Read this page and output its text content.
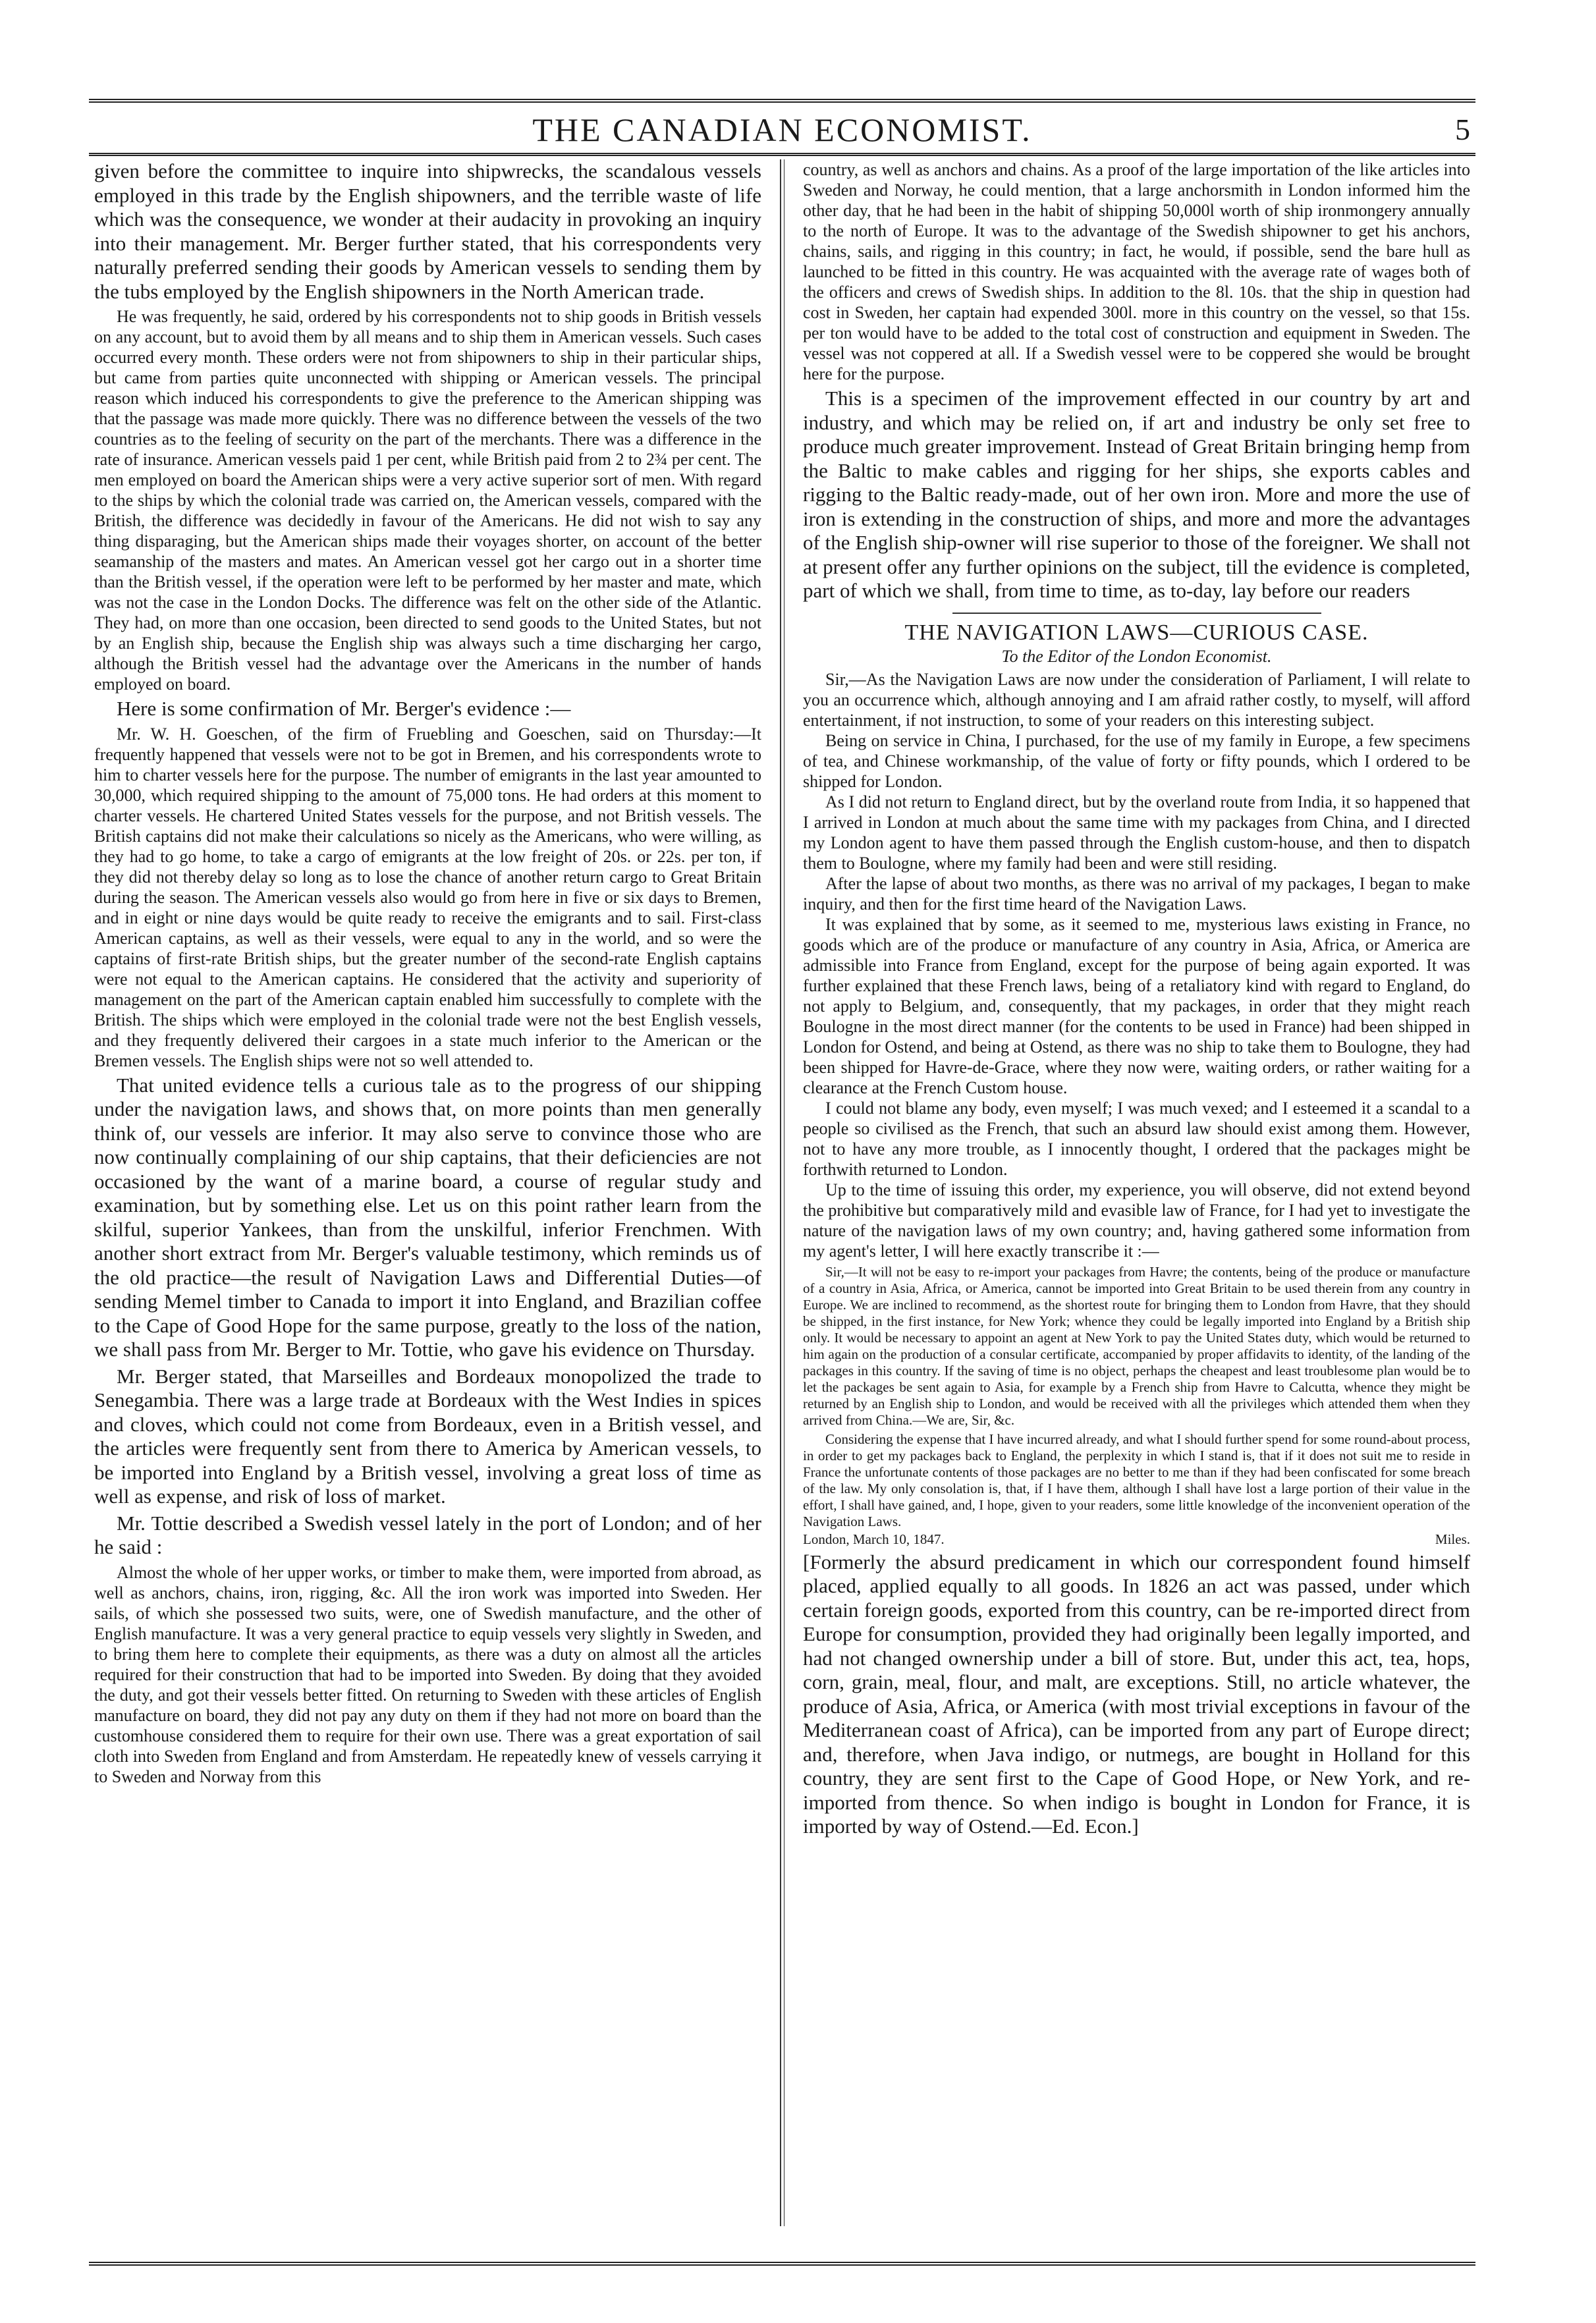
THE CANADIAN ECONOMIST.	5

given before the committee to inquire into shipwrecks, the scandalous vessels employed in this trade by the English shipowners, and the terrible waste of life which was the consequence, we wonder at their audacity in provoking an inquiry into their management. Mr. Berger further stated, that his correspondents very naturally preferred sending their goods by American vessels to sending them by the tubs employed by the English shipowners in the North American trade.

He was frequently, he said, ordered by his correspondents not to ship goods in British vessels on any account, but to avoid them by all means and to ship them in American vessels. Such cases occurred every month. These orders were not from shipowners to ship in their particular ships, but came from parties quite unconnected with shipping or American vessels. The principal reason which induced his correspondents to give the preference to the American shipping was that the passage was made more quickly. There was no difference between the vessels of the two countries as to the feeling of security on the part of the merchants. There was a difference in the rate of insurance. American vessels paid 1 per cent, while British paid from 2 to 2¾ per cent. The men employed on board the American ships were a very active superior sort of men. With regard to the ships by which the colonial trade was carried on, the American vessels, compared with the British, the difference was decidedly in favour of the Americans. He did not wish to say any thing disparaging, but the American ships made their voyages shorter, on account of the better seamanship of the masters and mates. An American vessel got her cargo out in a shorter time than the British vessel, if the operation were left to be performed by her master and mate, which was not the case in the London Docks. The difference was felt on the other side of the Atlantic. They had, on more than one occasion, been directed to send goods to the United States, but not by an English ship, because the English ship was always such a time discharging her cargo, although the British vessel had the advantage over the Americans in the number of hands employed on board.

Here is some confirmation of Mr. Berger's evidence :—

Mr. W. H. Goeschen, of the firm of Fruebling and Goeschen, said on Thursday:—It frequently happened that vessels were not to be got in Bremen, and his correspondents wrote to him to charter vessels here for the purpose. The number of emigrants in the last year amounted to 30,000, which required shipping to the amount of 75,000 tons. He had orders at this moment to charter vessels. He chartered United States vessels for the purpose, and not British vessels. The British captains did not make their calculations so nicely as the Americans, who were willing, as they had to go home, to take a cargo of emigrants at the low freight of 20s. or 22s. per ton, if they did not thereby delay so long as to lose the chance of another return cargo to Great Britain during the season. The American vessels also would go from here in five or six days to Bremen, and in eight or nine days would be quite ready to receive the emigrants and to sail. First-class American captains, as well as their vessels, were equal to any in the world, and so were the captains of first-rate British ships, but the greater number of the second-rate English captains were not equal to the American captains. He considered that the activity and superiority of management on the part of the American captain enabled him successfully to complete with the British. The ships which were employed in the colonial trade were not the best English vessels, and they frequently delivered their cargoes in a state much inferior to the American or the Bremen vessels. The English ships were not so well attended to.

That united evidence tells a curious tale as to the progress of our shipping under the navigation laws, and shows that, on more points than men generally think of, our vessels are inferior. It may also serve to convince those who are now continually complaining of our ship captains, that their deficiencies are not occasioned by the want of a marine board, a course of regular study and examination, but by something else. Let us on this point rather learn from the skilful, superior Yankees, than from the unskilful, inferior Frenchmen. With another short extract from Mr. Berger's valuable testimony, which reminds us of the old practice—the result of Navigation Laws and Differential Duties—of sending Memel timber to Canada to import it into England, and Brazilian coffee to the Cape of Good Hope for the same purpose, greatly to the loss of the nation, we shall pass from Mr. Berger to Mr. Tottie, who gave his evidence on Thursday.

Mr. Berger stated, that Marseilles and Bordeaux monopolized the trade to Senegambia. There was a large trade at Bordeaux with the West Indies in spices and cloves, which could not come from Bordeaux, even in a British vessel, and the articles were frequently sent from there to America by American vessels, to be imported into England by a British vessel, involving a great loss of time as well as expense, and risk of loss of market.

Mr. Tottie described a Swedish vessel lately in the port of London; and of her he said :

Almost the whole of her upper works, or timber to make them, were imported from abroad, as well as anchors, chains, iron, rigging, &c. All the iron work was imported into Sweden. Her sails, of which she possessed two suits, were, one of Swedish manufacture, and the other of English manufacture. It was a very general practice to equip vessels very slightly in Sweden, and to bring them here to complete their equipments, as there was a duty on almost all the articles required for their construction that had to be imported into Sweden. By doing that they avoided the duty, and got their vessels better fitted. On returning to Sweden with these articles of English manufacture on board, they did not pay any duty on them if they had not more on board than the customhouse considered them to require for their own use. There was a great exportation of sail cloth into Sweden from England and from Amsterdam. He repeatedly knew of vessels carrying it to Sweden and Norway from this

country, as well as anchors and chains. As a proof of the large importation of the like articles into Sweden and Norway, he could mention, that a large anchorsmith in London informed him the other day, that he had been in the habit of shipping 50,000l worth of ship ironmongery annually to the north of Europe. It was to the advantage of the Swedish shipowner to get his anchors, chains, sails, and rigging in this country; in fact, he would, if possible, send the bare hull as launched to be fitted in this country. He was acquainted with the average rate of wages both of the officers and crews of Swedish ships. In addition to the 8l. 10s. that the ship in question had cost in Sweden, her captain had expended 300l. more in this country on the vessel, so that 15s. per ton would have to be added to the total cost of construction and equipment in Sweden. The vessel was not coppered at all. If a Swedish vessel were to be coppered she would be brought here for the purpose.

This is a specimen of the improvement effected in our country by art and industry, and which may be relied on, if art and industry be only set free to produce much greater improvement. Instead of Great Britain bringing hemp from the Baltic to make cables and rigging for her ships, she exports cables and rigging to the Baltic ready-made, out of her own iron. More and more the use of iron is extending in the construction of ships, and more and more the advantages of the English ship-owner will rise superior to those of the foreigner. We shall not at present offer any further opinions on the subject, till the evidence is completed, part of which we shall, from time to time, as to-day, lay before our readers

THE NAVIGATION LAWS—CURIOUS CASE.
To the Editor of the London Economist.

Sir,—As the Navigation Laws are now under the consideration of Parliament, I will relate to you an occurrence which, although annoying and I am afraid rather costly, to myself, will afford entertainment, if not instruction, to some of your readers on this interesting subject.

Being on service in China, I purchased, for the use of my family in Europe, a few specimens of tea, and Chinese workmanship, of the value of forty or fifty pounds, which I ordered to be shipped for London.

As I did not return to England direct, but by the overland route from India, it so happened that I arrived in London at much about the same time with my packages from China, and I directed my London agent to have them passed through the English custom-house, and then to dispatch them to Boulogne, where my family had been and were still residing.

After the lapse of about two months, as there was no arrival of my packages, I began to make inquiry, and then for the first time heard of the Navigation Laws.

It was explained that by some, as it seemed to me, mysterious laws existing in France, no goods which are of the produce or manufacture of any country in Asia, Africa, or America are admissible into France from England, except for the purpose of being again exported. It was further explained that these French laws, being of a retaliatory kind with regard to England, do not apply to Belgium, and, consequently, that my packages, in order that they might reach Boulogne in the most direct manner (for the contents to be used in France) had been shipped in London for Ostend, and being at Ostend, as there was no ship to take them to Boulogne, they had been shipped for Havre-de-Grace, where they now were, waiting orders, or rather waiting for a clearance at the French Custom house.

I could not blame any body, even myself; I was much vexed; and I esteemed it a scandal to a people so civilised as the French, that such an absurd law should exist among them. However, not to have any more trouble, as I innocently thought, I ordered that the packages might be forthwith returned to London.

Up to the time of issuing this order, my experience, you will observe, did not extend beyond the prohibitive but comparatively mild and evasible law of France, for I had yet to investigate the nature of the navigation laws of my own country; and, having gathered some information from my agent's letter, I will here exactly transcribe it :—

Sir,—It will not be easy to re-import your packages from Havre; the contents, being of the produce or manufacture of a country in Asia, Africa, or America, cannot be imported into Great Britain to be used therein from any country in Europe. We are inclined to recommend, as the shortest route for bringing them to London from Havre, that they should be shipped, in the first instance, for New York; whence they could be legally imported into England by a British ship only. It would be necessary to appoint an agent at New York to pay the United States duty, which would be returned to him again on the production of a consular certificate, accompanied by proper affidavits to identity, of the landing of the packages in this country. If the saving of time is no object, perhaps the cheapest and least troublesome plan would be to let the packages be sent again to Asia, for example by a French ship from Havre to Calcutta, whence they might be returned by an English ship to London, and would be received with all the privileges which attended them when they arrived from China.—We are, Sir, &c.

Considering the expense that I have incurred already, and what I should further spend for some round-about process, in order to get my packages back to England, the perplexity in which I stand is, that if it does not suit me to reside in France the unfortunate contents of those packages are no better to me than if they had been confiscated for some breach of the law. My only consolation is, that, if I have them, although I shall have lost a large portion of their value in the effort, I shall have gained, and, I hope, given to your readers, some little knowledge of the inconvenient operation of the Navigation Laws.

London, March 10, 1847.	Miles.

[Formerly the absurd predicament in which our correspondent found himself placed, applied equally to all goods. In 1826 an act was passed, under which certain foreign goods, exported from this country, can be re-imported direct from Europe for consumption, provided they had originally been legally imported, and had not changed ownership under a bill of store. But, under this act, tea, hops, corn, grain, meal, flour, and malt, are exceptions. Still, no article whatever, the produce of Asia, Africa, or America (with most trivial exceptions in favour of the Mediterranean coast of Africa), can be imported from any part of Europe direct; and, therefore, when Java indigo, or nutmegs, are bought in Holland for this country, they are sent first to the Cape of Good Hope, or New York, and re-imported from thence. So when indigo is bought in London for France, it is imported by way of Ostend.—Ed. Econ.]
